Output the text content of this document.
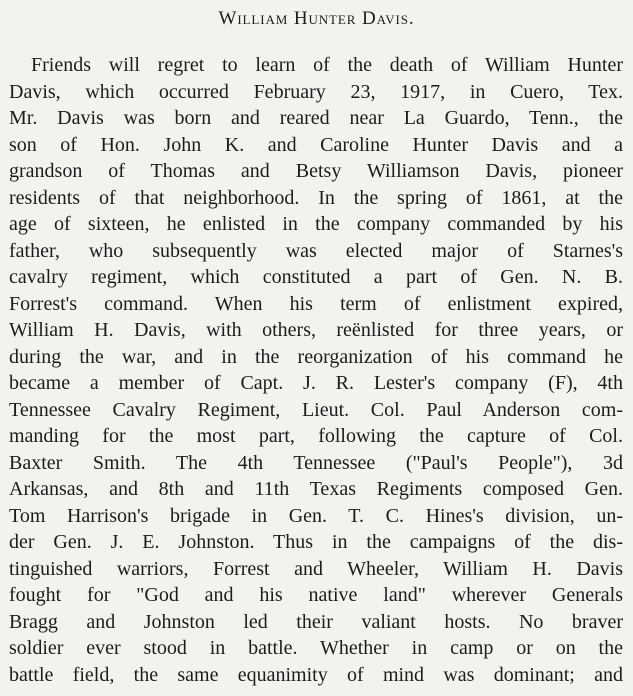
William Hunter Davis.
Friends will regret to learn of the death of William Hunter
Davis, which occurred February 23, 1917, in Cuero, Tex.
Mr. Davis was born and reared near La Guardo, Tenn., the
son of Hon. John K. and Caroline Hunter Davis and a
grandson of Thomas and Betsy Williamson Davis, pioneer
residents of that neighborhood. In the spring of 1861, at the
age of sixteen, he enlisted in the company commanded by his
father, who subsequently was elected major of Starnes's
cavalry regiment, which constituted a part of Gen. N. B.
Forrest's command. When his term of enlistment expired,
William H. Davis, with others, reënlisted for three years, or
during the war, and in the reorganization of his command he
became a member of Capt. J. R. Lester's company (F), 4th
Tennessee Cavalry Regiment, Lieut. Col. Paul Anderson com-
manding for the most part, following the capture of Col.
Baxter Smith. The 4th Tennessee ("Paul's People"), 3d
Arkansas, and 8th and 11th Texas Regiments composed Gen.
Tom Harrison's brigade in Gen. T. C. Hines's division, un-
der Gen. J. E. Johnston. Thus in the campaigns of the dis-
tinguished warriors, Forrest and Wheeler, William H. Davis
fought for "God and his native land" wherever Generals
Bragg and Johnston led their valiant hosts. No braver
soldier ever stood in battle. Whether in camp or on the
battle field, the same equanimity of mind was dominant; and
